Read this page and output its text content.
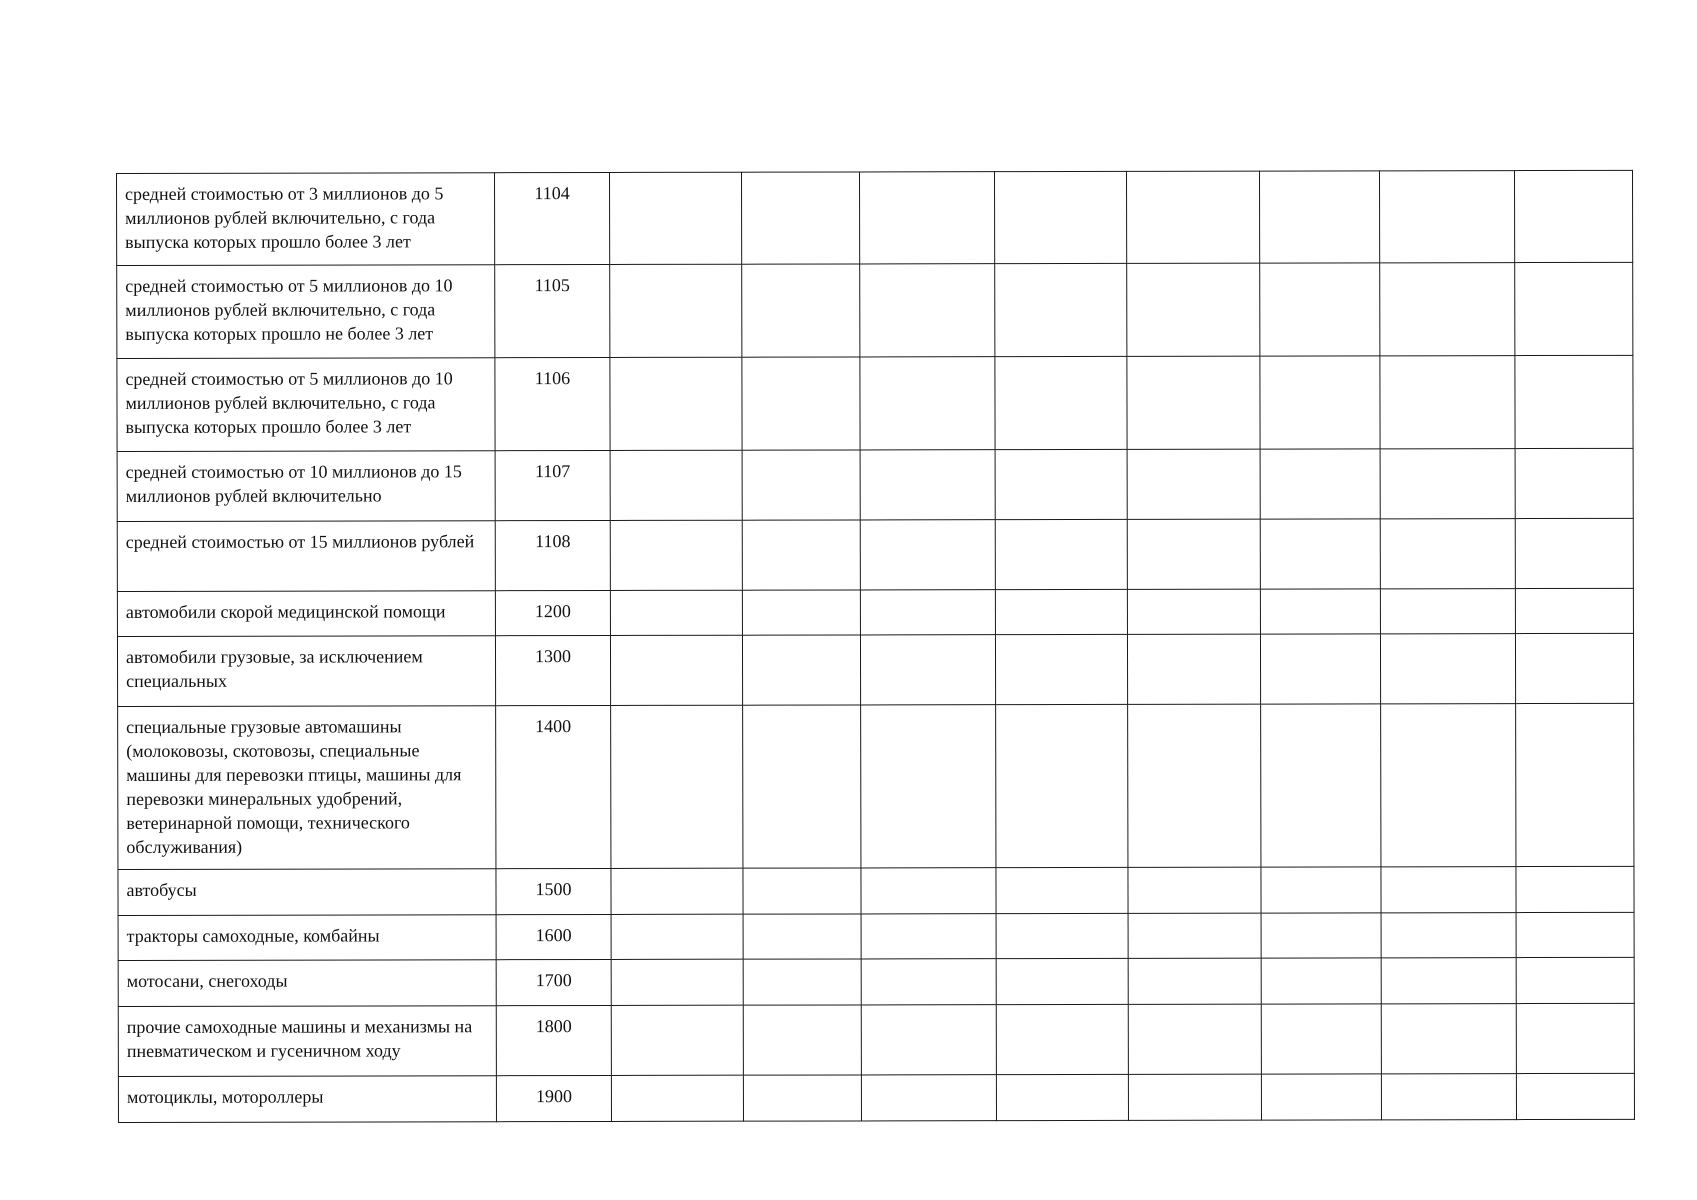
средней стоимостью от 3 миллионов до 5 миллионов рублей включительно, с года выпуска которых прошло более 3 лет	1104								
средней стоимостью от 5 миллионов до 10 миллионов рублей включительно, с года выпуска которых прошло не более 3 лет	1105								
средней стоимостью от 5 миллионов до 10 миллионов рублей включительно, с года выпуска которых прошло более 3 лет	1106								
средней стоимостью от 10 миллионов до 15 миллионов рублей включительно	1107								
средней стоимостью от 15 миллионов рублей	1108								
автомобили скорой медицинской помощи	1200								
автомобили грузовые, за исключением специальных	1300								
специальные грузовые автомашины (молоковозы, скотовозы, специальные машины для перевозки птицы, машины для перевозки минеральных удобрений, ветеринарной помощи, технического обслуживания)	1400								
автобусы	1500								
тракторы самоходные, комбайны	1600								
мотосани, снегоходы	1700								
прочие самоходные машины и механизмы на пневматическом и гусеничном ходу	1800								
мотоциклы, мотороллеры	1900								
